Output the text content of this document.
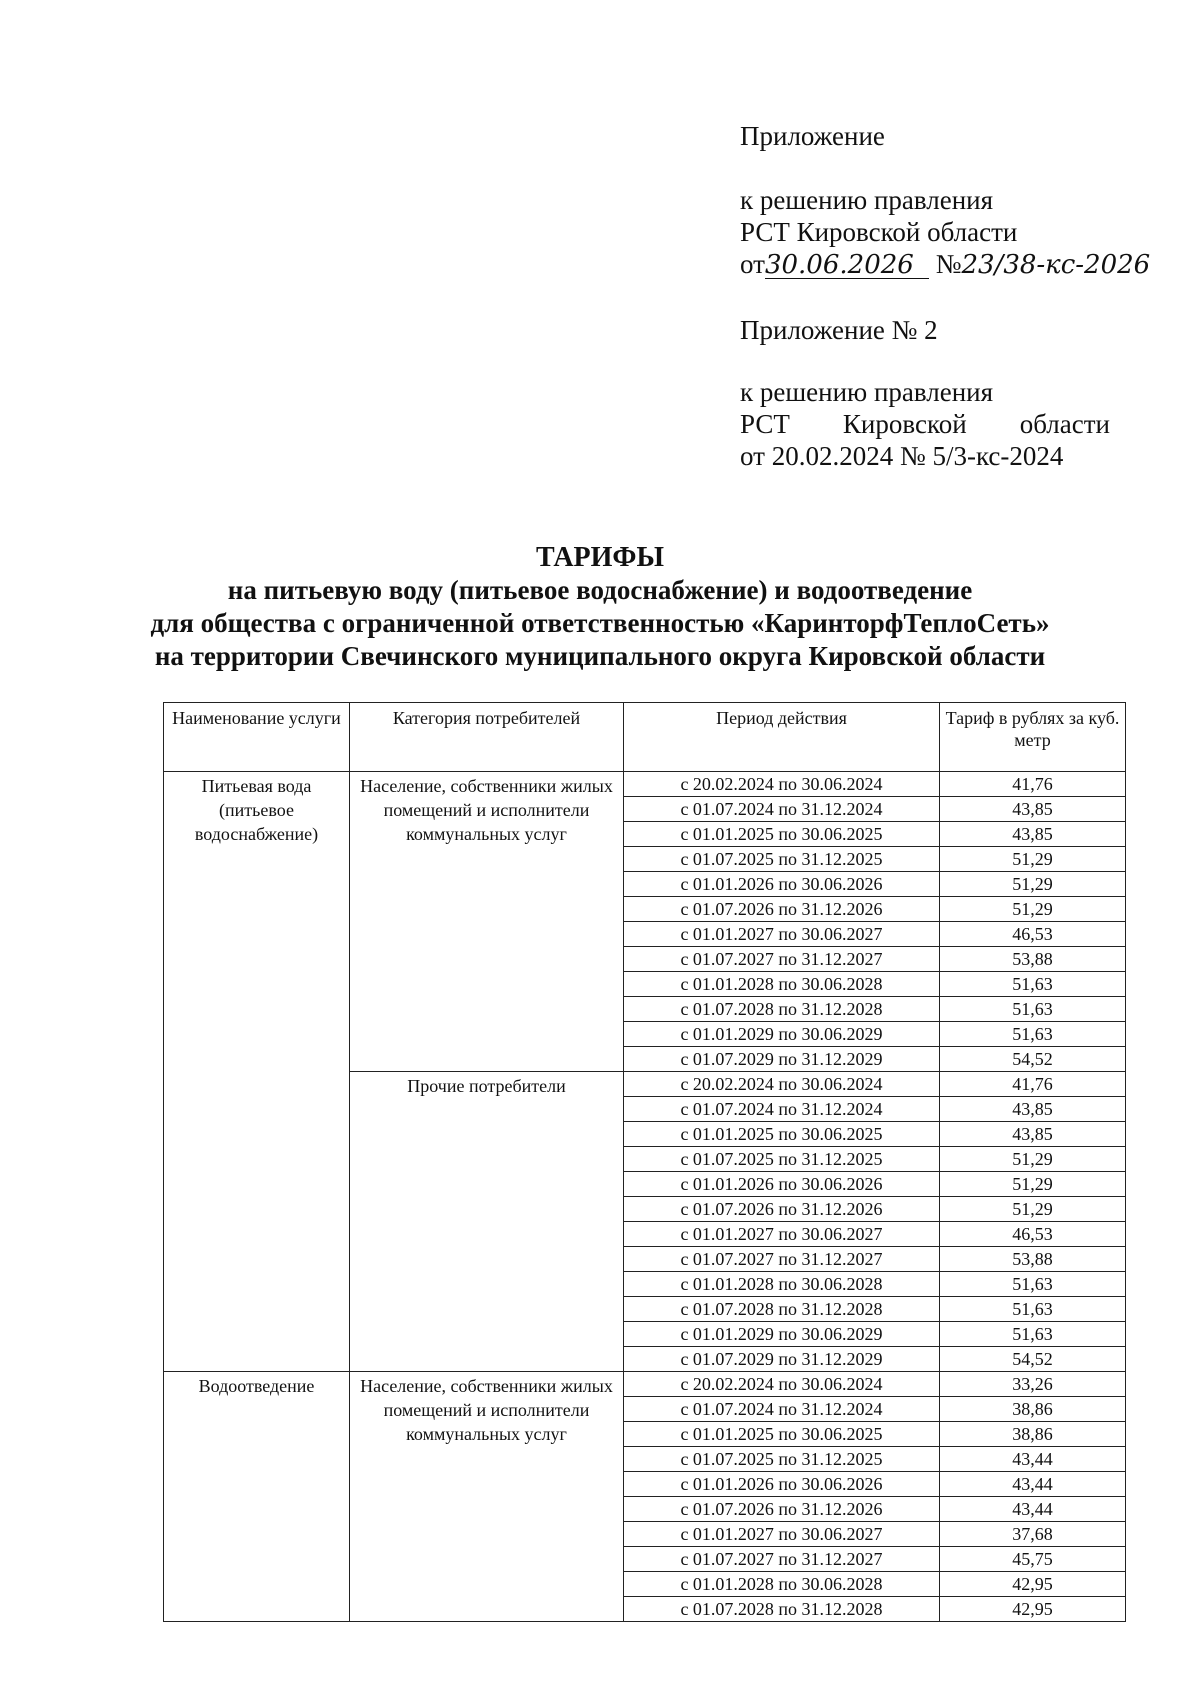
Приложение
к решению правления
РСТ Кировской области
от30.06.2026 №23/38-кс-2026
Приложение № 2
к решению правления
РСТ Кировской области
от 20.02.2024 № 5/3-кс-2024
ТАРИФЫ
на питьевую воду (питьевое водоснабжение) и водоотведение
для общества с ограниченной ответственностью «КаринторфТеплоСеть»
на территории Свечинского муниципального округа Кировской области
Наименование услуги	Категория потребителей	Период действия	Тариф в рублях за куб. метр
Питьевая вода (питьевое водоснабжение)	Население, собственники жилых помещений и исполнители коммунальных услуг	с 20.02.2024 по 30.06.2024	41,76
		с 01.07.2024 по 31.12.2024	43,85
		с 01.01.2025 по 30.06.2025	43,85
		с 01.07.2025 по 31.12.2025	51,29
		с 01.01.2026 по 30.06.2026	51,29
		с 01.07.2026 по 31.12.2026	51,29
		с 01.01.2027 по 30.06.2027	46,53
		с 01.07.2027 по 31.12.2027	53,88
		с 01.01.2028 по 30.06.2028	51,63
		с 01.07.2028 по 31.12.2028	51,63
		с 01.01.2029 по 30.06.2029	51,63
		с 01.07.2029 по 31.12.2029	54,52
	Прочие потребители	с 20.02.2024 по 30.06.2024	41,76
		с 01.07.2024 по 31.12.2024	43,85
		с 01.01.2025 по 30.06.2025	43,85
		с 01.07.2025 по 31.12.2025	51,29
		с 01.01.2026 по 30.06.2026	51,29
		с 01.07.2026 по 31.12.2026	51,29
		с 01.01.2027 по 30.06.2027	46,53
		с 01.07.2027 по 31.12.2027	53,88
		с 01.01.2028 по 30.06.2028	51,63
		с 01.07.2028 по 31.12.2028	51,63
		с 01.01.2029 по 30.06.2029	51,63
		с 01.07.2029 по 31.12.2029	54,52
Водоотведение	Население, собственники жилых помещений и исполнители коммунальных услуг	с 20.02.2024 по 30.06.2024	33,26
		с 01.07.2024 по 31.12.2024	38,86
		с 01.01.2025 по 30.06.2025	38,86
		с 01.07.2025 по 31.12.2025	43,44
		с 01.01.2026 по 30.06.2026	43,44
		с 01.07.2026 по 31.12.2026	43,44
		с 01.01.2027 по 30.06.2027	37,68
		с 01.07.2027 по 31.12.2027	45,75
		с 01.01.2028 по 30.06.2028	42,95
		с 01.07.2028 по 31.12.2028	42,95
